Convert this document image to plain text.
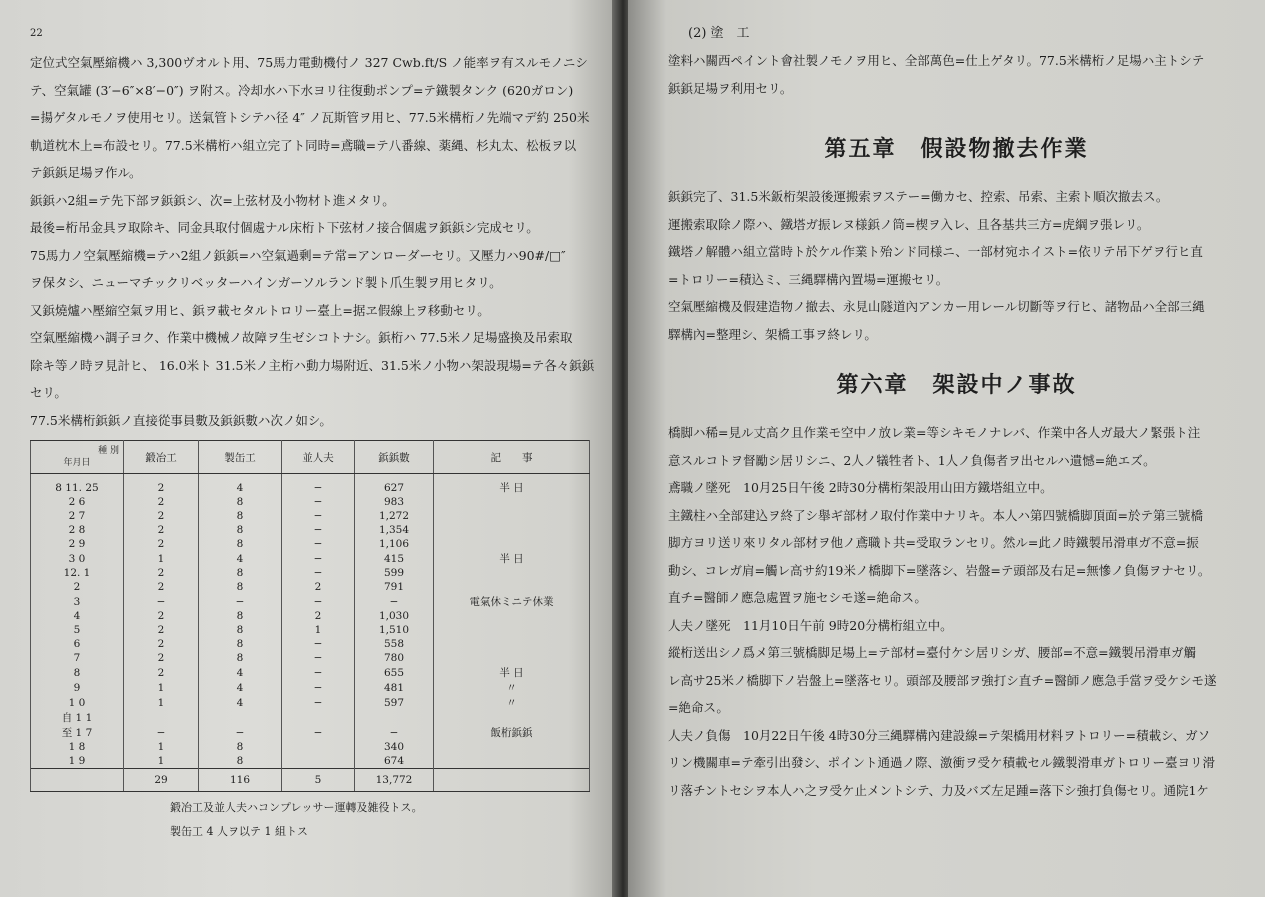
22

定位式空氣壓縮機ハ 3,300ヴオルト用、75馬力電動機付ノ 327 Cwb.ft/S ノ能率ヲ有スルモノニシ

テ、空氣罐 (3′−6″×8′−0″) ヲ附ス。冷却水ハ下水ヨリ往復動ポンプ=テ鐵製タンク (620ガロン)

=揚ゲタルモノヲ使用セリ。送氣管トシテハ径 4″ ノ瓦斯管ヲ用ヒ、77.5米構桁ノ先端マデ約 250米

軌道枕木上=布設セリ。77.5米構桁ハ組立完了ト同時=鳶職=テ八番線、薬縄、杉丸太、松板ヲ以

テ鋲鋲足場ヲ作ル。

鋲鋲ハ2組=テ先下部ヲ鋲鋲シ、次=上弦材及小物材ト進メタリ。

最後=桁吊金具ヲ取除キ、同金具取付個處ナル床桁ト下弦材ノ接合個處ヲ鋲鋲シ完成セリ。

75馬力ノ空氣壓縮機=テハ2組ノ鋲鋲=ハ空氣過剰=テ常=アンローダーセリ。又壓力ハ90#/□″

ヲ保タシ、ニューマチックリベッターハインガーソルランド製ト爪生製ヲ用ヒタリ。

又鋲燒爐ハ壓縮空氣ヲ用ヒ、鋲ヲ載セタルトロリー臺上=据ヱ假線上ヲ移動セリ。

空氣壓縮機ハ調子ヨク、作業中機械ノ故障ヲ生ゼシコトナシ。鋲桁ハ 77.5米ノ足場盛換及吊索取

除キ等ノ時ヲ見計ヒ、 16.0米ト 31.5米ノ主桁ハ動力場附近、31.5米ノ小物ハ架設現場=テ各々鋲鋲

セリ。

77.5米構桁鋲鋲ノ直接從事員數及鋲鋲數ハ次ノ如シ。

種 別
年月日	鍛冶工	製缶工	並人夫	鋲鋲數	記　　事
8 11. 25	2	4	−	627	半 日
2 6	2	8	−	983	
2 7	2	8	−	1,272	
2 8	2	8	−	1,354	
2 9	2	8	−	1,106	
3 0	1	4	−	415	半 日
12. 1	2	8	−	599	
2	2	8	2	791	
3	−	−	−	−	電氣休ミニテ休業
4	2	8	2	1,030	
5	2	8	1	1,510	
6	2	8	−	558	
7	2	8	−	780	
8	2	4	−	655	半 日
9	1	4	−	481	〃
1 0	1	4	−	597	〃
自 1 1					
至 1 7	−	−	−	−	飯桁鋲鋲
1 8	1	8		340	
1 9	1	8		674	
	29	116	5	13,772	
鍛冶工及並人夫ハコンプレッサー運轉及雑役トス。
製缶工 4 人ヲ以テ 1 組トス
(2) 塗　工

塗料ハ關西ペイント會社製ノモノヲ用ヒ、全部萬色=仕上ゲタリ。77.5米構桁ノ足場ハ主トシテ

鋲鋲足場ヲ利用セリ。

第五章　假設物撤去作業

鋲鋲完了、31.5米鈑桁架設後運搬索ヲステー=働カセ、控索、吊索、主索ト順次撤去ス。

運搬索取除ノ際ハ、鐵塔ガ振レヌ様鋲ノ筒=楔ヲ入レ、且各基共三方=虎綱ヲ張レリ。

鐵塔ノ解體ハ組立當時ト於ケル作業ト殆ンド同様ニ、一部材宛ホイスト=依リテ吊下ゲヲ行ヒ直

=トロリー=積込ミ、三縄驛構內置場=運搬セリ。

空氣壓縮機及假建造物ノ撤去、永見山隧道內アンカー用レール切斷等ヲ行ヒ、諸物品ハ全部三縄

驛構內=整理シ、架橋工事ヲ終レリ。

第六章　架設中ノ事故

橋脚ハ稀=見ル丈高ク且作業モ空中ノ放レ業=等シキモノナレバ、作業中各人ガ最大ノ緊張ト注

意スルコトヲ督勵シ居リシニ、2人ノ犠牲者ト、1人ノ負傷者ヲ出セルハ遺憾=絶エズ。

鳶職ノ墜死　10月25日午後 2時30分構桁架設用山田方鐵塔組立中。

主鐵柱ハ全部建込ヲ終了シ舉ギ部材ノ取付作業中ナリキ。本人ハ第四號橋脚頂面=於テ第三號橋

脚方ヨリ送リ來リタル部材ヲ他ノ鳶職ト共=受取ランセリ。然ル=此ノ時鐵製吊滑車ガ不意=振

動シ、コレガ肩=觸レ高サ約19米ノ橋脚下=墜落シ、岩盤=テ頭部及右足=無慘ノ負傷ヲナセリ。

直チ=醫師ノ應急處置ヲ施セシモ遂=絶命ス。

人夫ノ墜死　11月10日午前 9時20分構桁組立中。

縱桁送出シノ爲メ第三號橋脚足場上=テ部材=臺付ケシ居リシガ、腰部=不意=鐵製吊滑車ガ觸

レ高サ25米ノ橋脚下ノ岩盤上=墜落セリ。頭部及腰部ヲ強打シ直チ=醫師ノ應急手當ヲ受ケシモ遂

=絶命ス。

人夫ノ負傷　10月22日午後 4時30分三縄驛構內建設線=テ架橋用材料ヲトロリー=積載シ、ガソ

リン機關車=テ牽引出發シ、ポイント通過ノ際、激衝ヲ受ケ積載セル鐵製滑車ガトロリー臺ヨリ滑

リ落チントセシヲ本人ハ之ヲ受ケ止メントシテ、力及バズ左足踵=落下シ強打負傷セリ。通院1ケ
